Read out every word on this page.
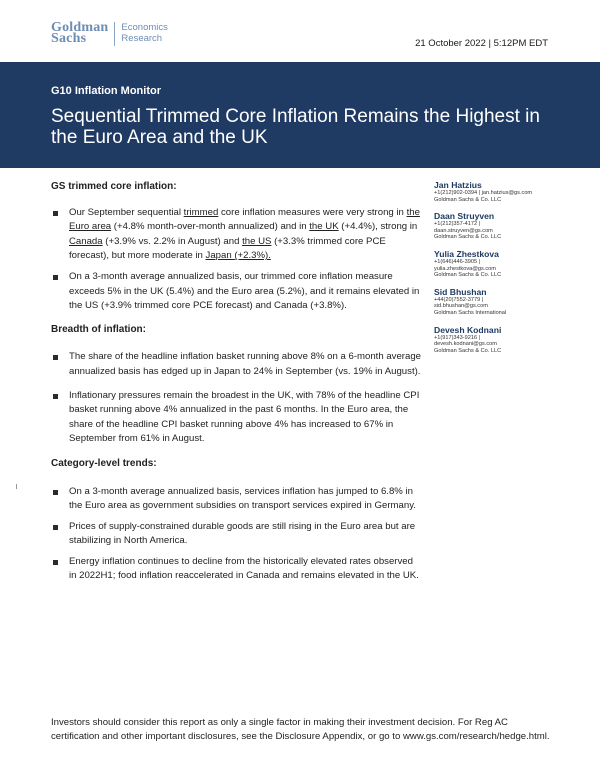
Goldman
Sachs
Economics
Research	21 October 2022 | 5:12PM EDT
G10 Inflation Monitor
Sequential Trimmed Core Inflation Remains the Highest in the Euro Area and the UK
GS trimmed core inflation:
Our September sequential trimmed core inflation measures were very strong in the Euro area (+4.8% month-over-month annualized) and in the UK (+4.4%), strong in Canada (+3.9% vs. 2.2% in August) and the US (+3.3% trimmed core PCE forecast), but more moderate in Japan (+2.3%).
On a 3-month average annualized basis, our trimmed core inflation measure exceeds 5% in the UK (5.4%) and the Euro area (5.2%), and it remains elevated in the US (+3.9% trimmed core PCE forecast) and Canada (+3.8%).
Breadth of inflation:
The share of the headline inflation basket running above 8% on a 6-month average annualized basis has edged up in Japan to 24% in September (vs. 19% in August).
Inflationary pressures remain the broadest in the UK, with 78% of the headline CPI basket running above 4% annualized in the past 6 months. In the Euro area, the share of the headline CPI basket running above 4% has increased to 67% in September from 61% in August.
Category-level trends:
On a 3-month average annualized basis, services inflation has jumped to 6.8% in the Euro area as government subsidies on transport services expired in Germany.
Prices of supply-constrained durable goods are still rising in the Euro area but are stabilizing in North America.
Energy inflation continues to decline from the historically elevated rates observed in 2022H1; food inflation reaccelerated in Canada and remains elevated in the UK.
Jan Hatzius
+1(212)902-0394 | jan.hatzius@gs.com
Goldman Sachs & Co. LLC
Daan Struyven
+1(212)357-4172 |
daan.struyven@gs.com
Goldman Sachs & Co. LLC
Yulia Zhestkova
+1(646)446-3905 |
yulia.zhestkova@gs.com
Goldman Sachs & Co. LLC
Sid Bhushan
+44(20)7552-3779 |
sid.bhushan@gs.com
Goldman Sachs International
Devesh Kodnani
+1(917)343-9216 |
devesh.kodnani@gs.com
Goldman Sachs & Co. LLC
Investors should consider this report as only a single factor in making their investment decision. For Reg AC certification and other important disclosures, see the Disclosure Appendix, or go to www.gs.com/research/hedge.html.
